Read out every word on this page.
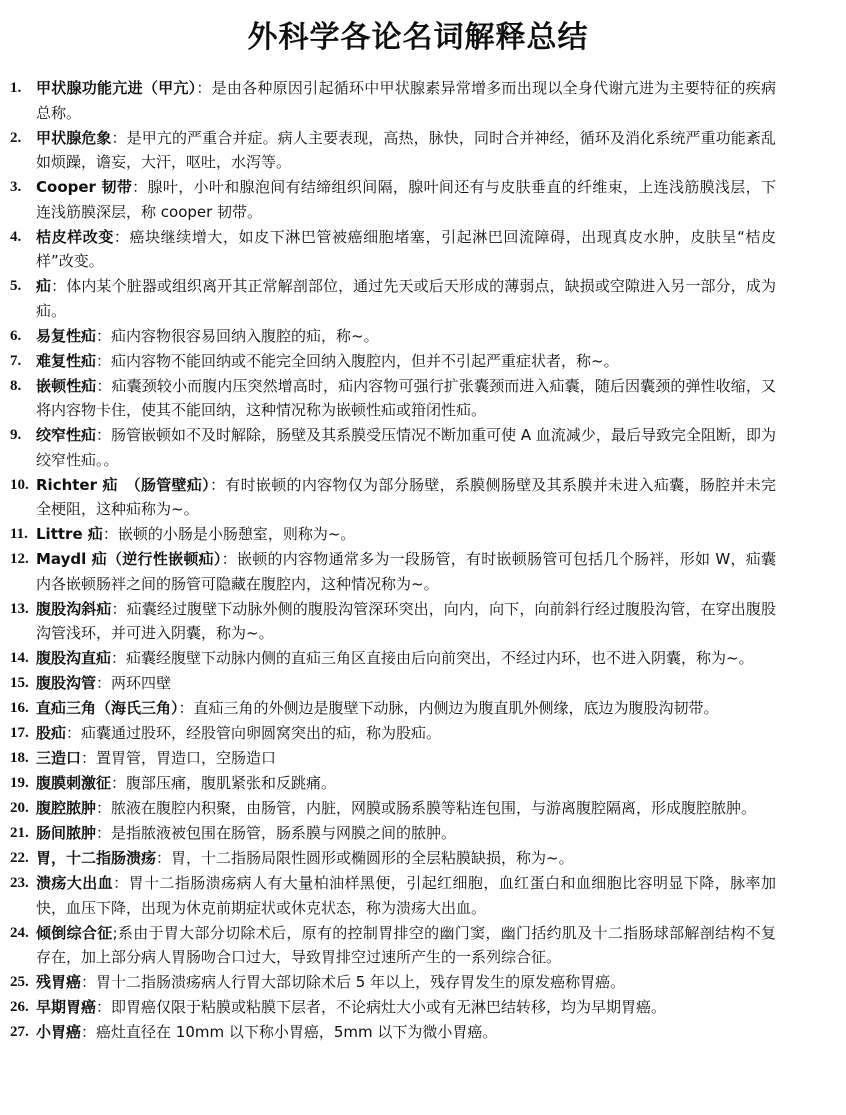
外科学各论名词解释总结
1. 甲状腺功能亢进（甲亢）：是由各种原因引起循环中甲状腺素异常增多而出现以全身代谢亢进为主要特征的疾病总称。
2. 甲状腺危象：是甲亢的严重合并症。病人主要表现，高热，脉快，同时合并神经，循环及消化系统严重功能紊乱如烦躁，谵妄，大汗，呕吐，水泻等。
3. Cooper 韧带：腺叶，小叶和腺泡间有结缔组织间隔，腺叶间还有与皮肤垂直的纤维束，上连浅筋膜浅层，下连浅筋膜深层，称 cooper 韧带。
4. 桔皮样改变：癌块继续增大，如皮下淋巴管被癌细胞堵塞，引起淋巴回流障碍，出现真皮水肿，皮肤呈“桔皮样”改变。
5. 疝：体内某个脏器或组织离开其正常解剖部位，通过先天或后天形成的薄弱点，缺损或空隙进入另一部分，成为疝。
6. 易复性疝：疝内容物很容易回纳入腹腔的疝，称~。
7. 难复性疝：疝内容物不能回纳或不能完全回纳入腹腔内，但并不引起严重症状者，称~。
8. 嵌顿性疝：疝囊颈较小而腹内压突然增高时，疝内容物可强行扩张囊颈而进入疝囊，随后因囊颈的弹性收缩，又将内容物卡住，使其不能回纳，这种情况称为嵌顿性疝或箝闭性疝。
9. 绞窄性疝：肠管嵌顿如不及时解除，肠壁及其系膜受压情况不断加重可使 A 血流减少，最后导致完全阻断，即为绞窄性疝。。
10. Richter 疝　（肠管壁疝）：有时嵌顿的内容物仅为部分肠壁，系膜侧肠壁及其系膜并未进入疝囊，肠腔并未完全梗阻，这种疝称为~。
11. Littre 疝：嵌顿的小肠是小肠憩室，则称为~。
12. Maydl 疝（逆行性嵌顿疝）：嵌顿的内容物通常多为一段肠管，有时嵌顿肠管可包括几个肠袢，形如 W，疝囊内各嵌顿肠袢之间的肠管可隐藏在腹腔内，这种情况称为~。
13. 腹股沟斜疝：疝囊经过腹壁下动脉外侧的腹股沟管深环突出，向内，向下，向前斜行经过腹股沟管，在穿出腹股沟管浅环，并可进入阴囊，称为~。
14. 腹股沟直疝：疝囊经腹壁下动脉内侧的直疝三角区直接由后向前突出，不经过内环，也不进入阴囊，称为~。
15. 腹股沟管：两环四壁
16. 直疝三角（海氏三角）：直疝三角的外侧边是腹壁下动脉，内侧边为腹直肌外侧缘，底边为腹股沟韧带。
17. 股疝：疝囊通过股环，经股管向卵圆窝突出的疝，称为股疝。
18. 三造口：置胃管，胃造口，空肠造口
19. 腹膜刺激征：腹部压痛，腹肌紧张和反跳痛。
20. 腹腔脓肿：脓液在腹腔内积聚，由肠管，内脏，网膜或肠系膜等粘连包围，与游离腹腔隔离，形成腹腔脓肿。
21. 肠间脓肿：是指脓液被包围在肠管，肠系膜与网膜之间的脓肿。
22. 胃，十二指肠溃疡：胃，十二指肠局限性圆形或椭圆形的全层粘膜缺损，称为~。
23. 溃疡大出血：胃十二指肠溃疡病人有大量柏油样黑便，引起红细胞，血红蛋白和血细胞比容明显下降，脉率加快，血压下降，出现为休克前期症状或休克状态，称为溃疡大出血。
24. 倾倒综合征;系由于胃大部分切除术后，原有的控制胃排空的幽门窦，幽门括约肌及十二指肠球部解剖结构不复存在，加上部分病人胃肠吻合口过大，导致胃排空过速所产生的一系列综合征。
25. 残胃癌：胃十二指肠溃疡病人行胃大部切除术后 5 年以上，残存胃发生的原发癌称胃癌。
26. 早期胃癌：即胃癌仅限于粘膜或粘膜下层者，不论病灶大小或有无淋巴结转移，均为早期胃癌。
27. 小胃癌：癌灶直径在 10mm 以下称小胃癌，5mm 以下为微小胃癌。
